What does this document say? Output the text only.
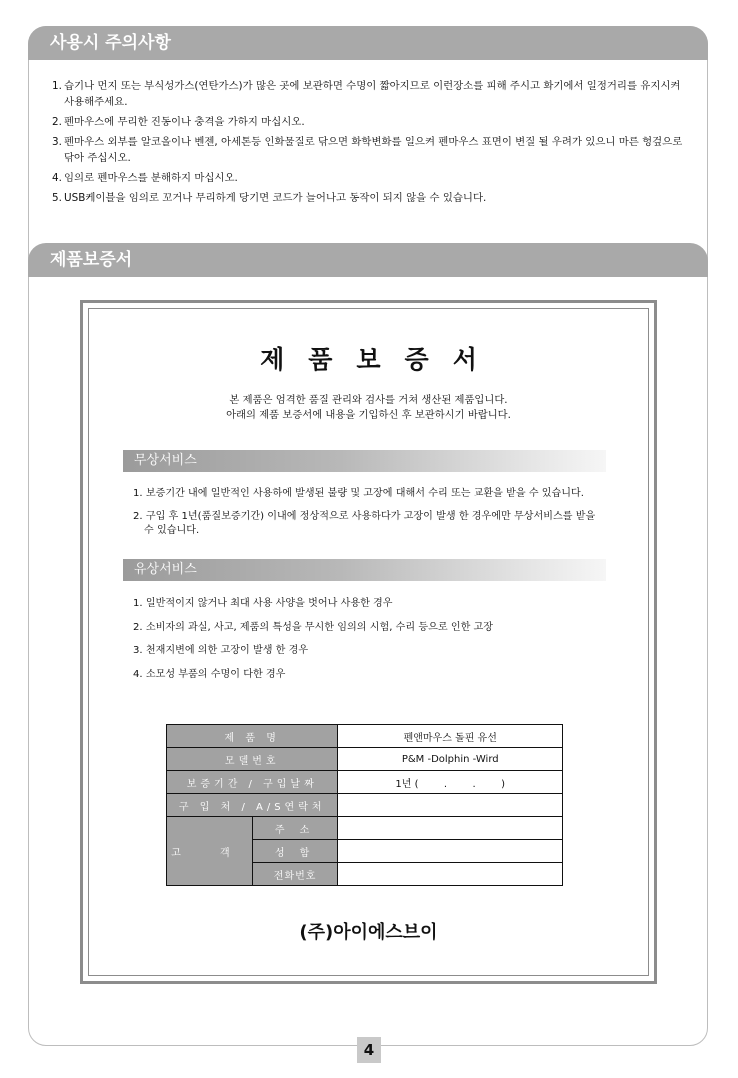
사용시 주의사항
1. 습기나 먼지 또는 부식성가스(연탄가스)가 많은 곳에 보관하면 수명이 짧아지므로 이런장소를 피해 주시고 화기에서 일정거리를 유지시켜 사용해주세요.
2. 펜마우스에 무리한 진동이나 충격을 가하지 마십시오.
3. 펜마우스 외부를 알코올이나 벤젠, 아세톤등 인화물질로 닦으면 화학변화를 일으켜 펜마우스 표면이 변질 될 우려가 있으니 마른 헝겊으로 닦아 주십시오.
4. 임의로 펜마우스를 분해하지 마십시오.
5. USB케이블을 임의로 꼬거나 무리하게 당기면 코드가 늘어나고 동작이 되지 않을 수 있습니다.
제품보증서
제품보증서
본 제품은 엄격한 품질 관리와 검사를 거쳐 생산된 제품입니다.
아래의 제품 보증서에 내용을 기입하신 후 보관하시기 바랍니다.
무상서비스
1. 보증기간 내에 일반적인 사용하에 발생된 불량 및 고장에 대해서 수리 또는 교환을 받을 수 있습니다.
2. 구입 후 1년(품질보증기간) 이내에 정상적으로 사용하다가 고장이 발생 한 경우에만 무상서비스를 받을 수 있습니다.
유상서비스
1. 일반적이지 않거나 최대 사용 사양을 벗어나 사용한 경우
2. 소비자의 과실, 사고, 제품의 특성을 무시한 임의의 시험, 수리 등으로 인한 고장
3. 천재지변에 의한 고장이 발생 한 경우
4. 소모성 부품의 수명이 다한 경우
제 품 명		펜앤마우스 돌핀 유선
모델번호		P&M -Dolphin -Wird
보증기간 / 구입날짜		1년 (        .        .        )
구 입 처 / A/S연락처		
고 객	주 소	
	성 함	
	전화번호	
(주)아이에스브이
4
